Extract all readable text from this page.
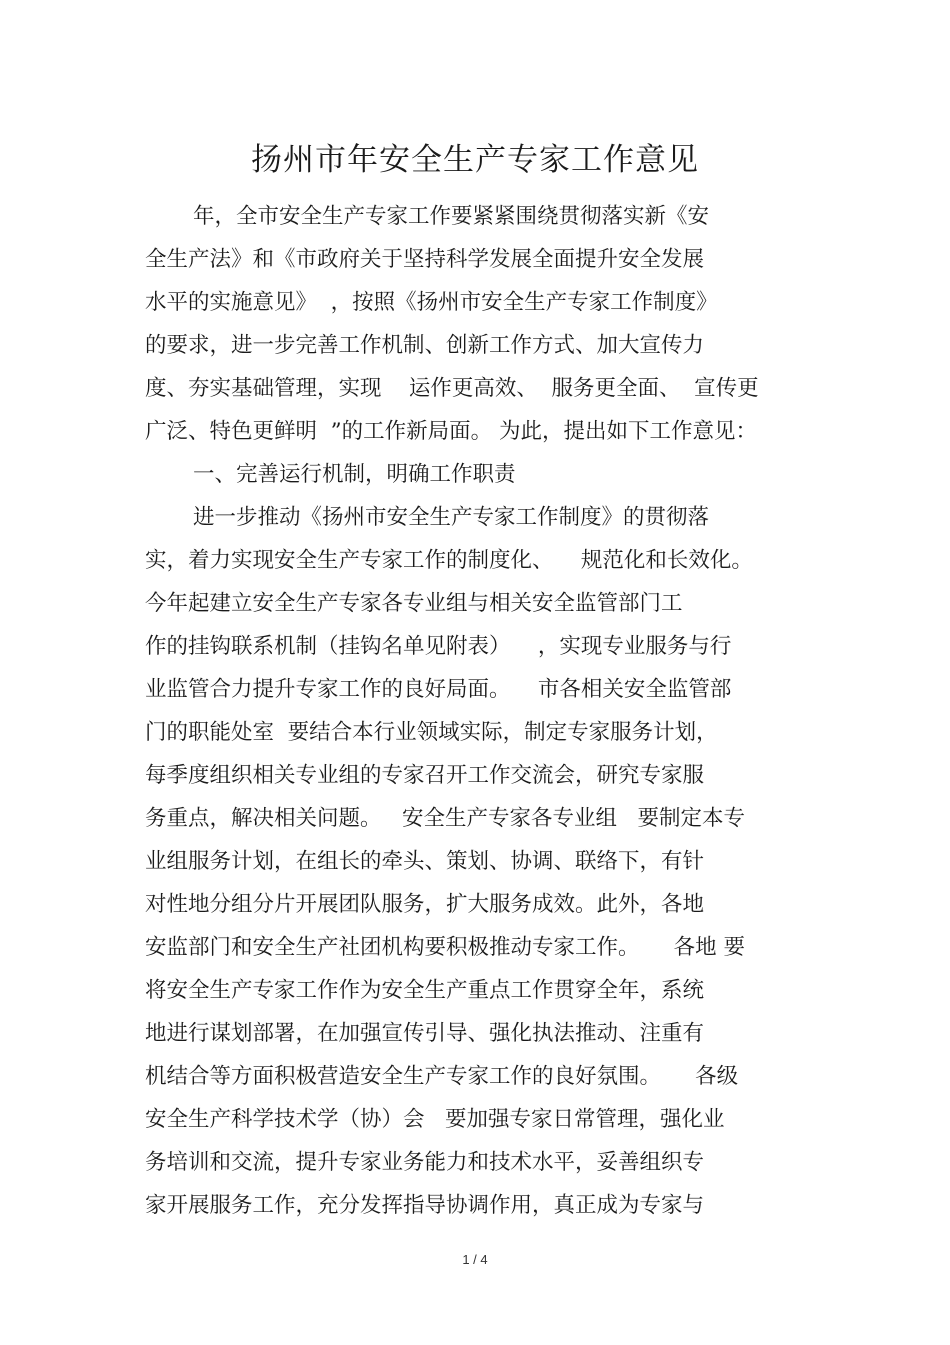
扬州市年安全生产专家工作意见
年，全市安全生产专家工作要紧紧围绕贯彻落实新《安
全生产法》和《市政府关于坚持科学发展全面提升安全发展
水平的实施意见》  ，按照《扬州市安全生产专家工作制度》
的要求，进一步完善工作机制、创新工作方式、加大宣传力
度、夯实基础管理，实现    运作更高效、  服务更全面、  宣传更
广泛、特色更鲜明  ”的工作新局面。 为此，提出如下工作意见：
一、完善运行机制，明确工作职责
进一步推动《扬州市安全生产专家工作制度》的贯彻落
实，着力实现安全生产专家工作的制度化、    规范化和长效化。
今年起建立安全生产专家各专业组与相关安全监管部门工
作的挂钩联系机制（挂钩名单见附表）    ，实现专业服务与行
业监管合力提升专家工作的良好局面。    市各相关安全监管部
门的职能处室  要结合本行业领域实际，制定专家服务计划，
每季度组织相关专业组的专家召开工作交流会，研究专家服
务重点，解决相关问题。   安全生产专家各专业组   要制定本专
业组服务计划，在组长的牵头、策划、协调、联络下，有针
对性地分组分片开展团队服务，扩大服务成效。此外，各地
安监部门和安全生产社团机构要积极推动专家工作。     各地 要
将安全生产专家工作作为安全生产重点工作贯穿全年，系统
地进行谋划部署，在加强宣传引导、强化执法推动、注重有
机结合等方面积极营造安全生产专家工作的良好氛围。     各级
安全生产科学技术学（协）会   要加强专家日常管理，强化业
务培训和交流，提升专家业务能力和技术水平，妥善组织专
家开展服务工作，充分发挥指导协调作用，真正成为专家与
1 / 4
